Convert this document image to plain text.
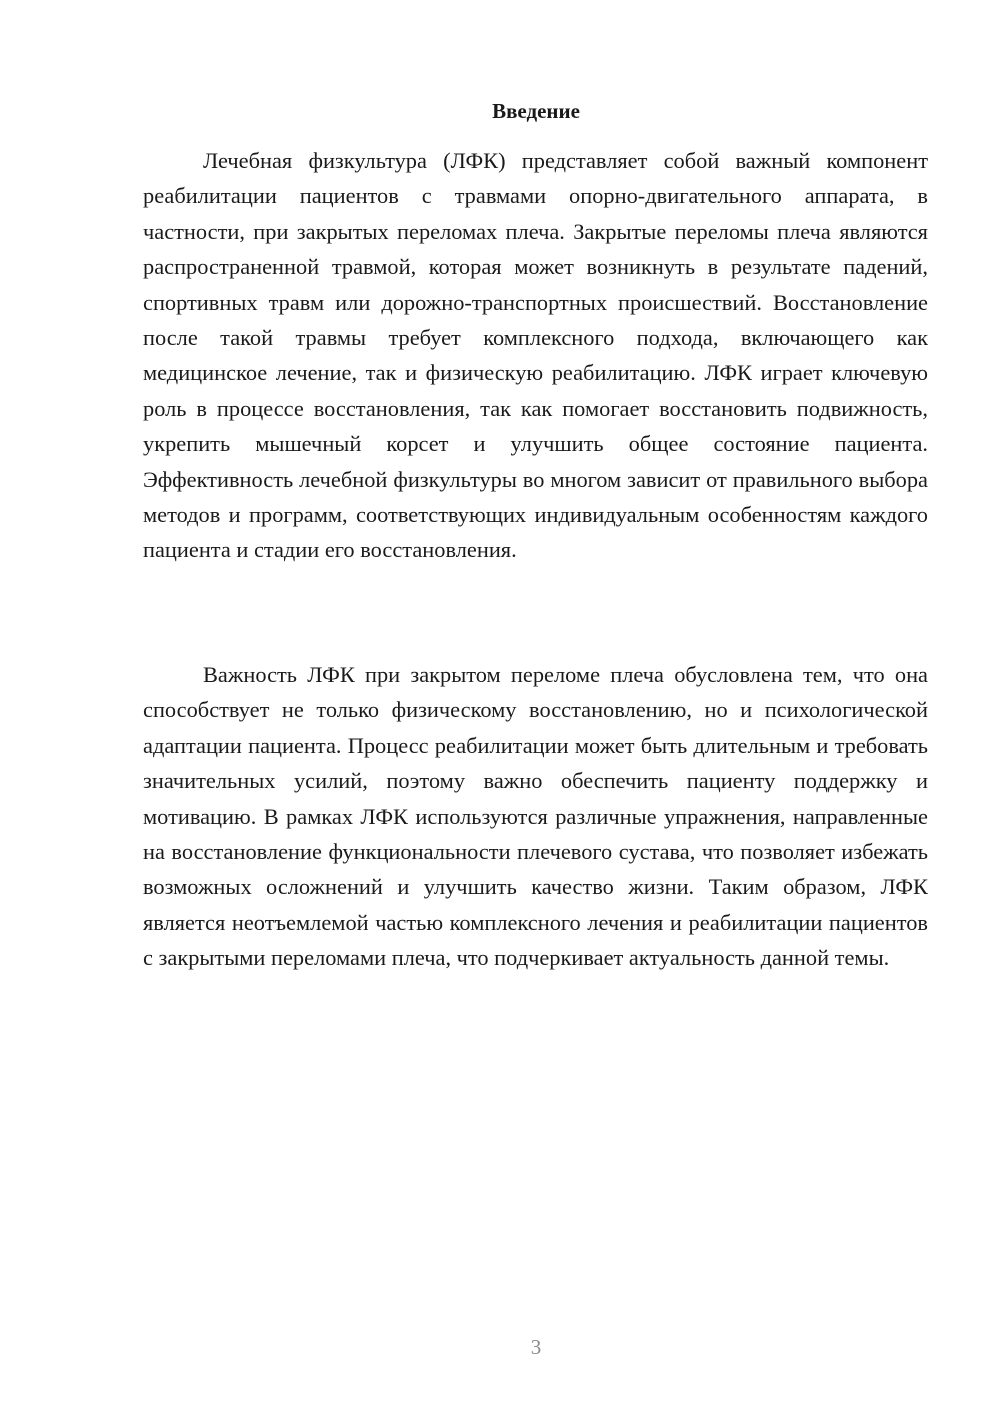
Введение

Лечебная физкультура (ЛФК) представляет собой важный компонент реабилитации пациентов с травмами опорно-двигательного аппарата, в частности, при закрытых переломах плеча. Закрытые переломы плеча являются распространенной травмой, которая может возникнуть в результате падений, спортивных травм или дорожно-транспортных происшествий. Восстановление после такой травмы требует комплексного подхода, включающего как медицинское лечение, так и физическую реабилитацию. ЛФК играет ключевую роль в процессе восстановления, так как помогает восстановить подвижность, укрепить мышечный корсет и улучшить общее состояние пациента. Эффективность лечебной физкультуры во многом зависит от правильного выбора методов и программ, соответствующих индивидуальным особенностям каждого пациента и стадии его восстановления.

Важность ЛФК при закрытом переломе плеча обусловлена тем, что она способствует не только физическому восстановлению, но и психологической адаптации пациента. Процесс реабилитации может быть длительным и требовать значительных усилий, поэтому важно обеспечить пациенту поддержку и мотивацию. В рамках ЛФК используются различные упражнения, направленные на восстановление функциональности плечевого сустава, что позволяет избежать возможных осложнений и улучшить качество жизни. Таким образом, ЛФК является неотъемлемой частью комплексного лечения и реабилитации пациентов с закрытыми переломами плеча, что подчеркивает актуальность данной темы.

3
